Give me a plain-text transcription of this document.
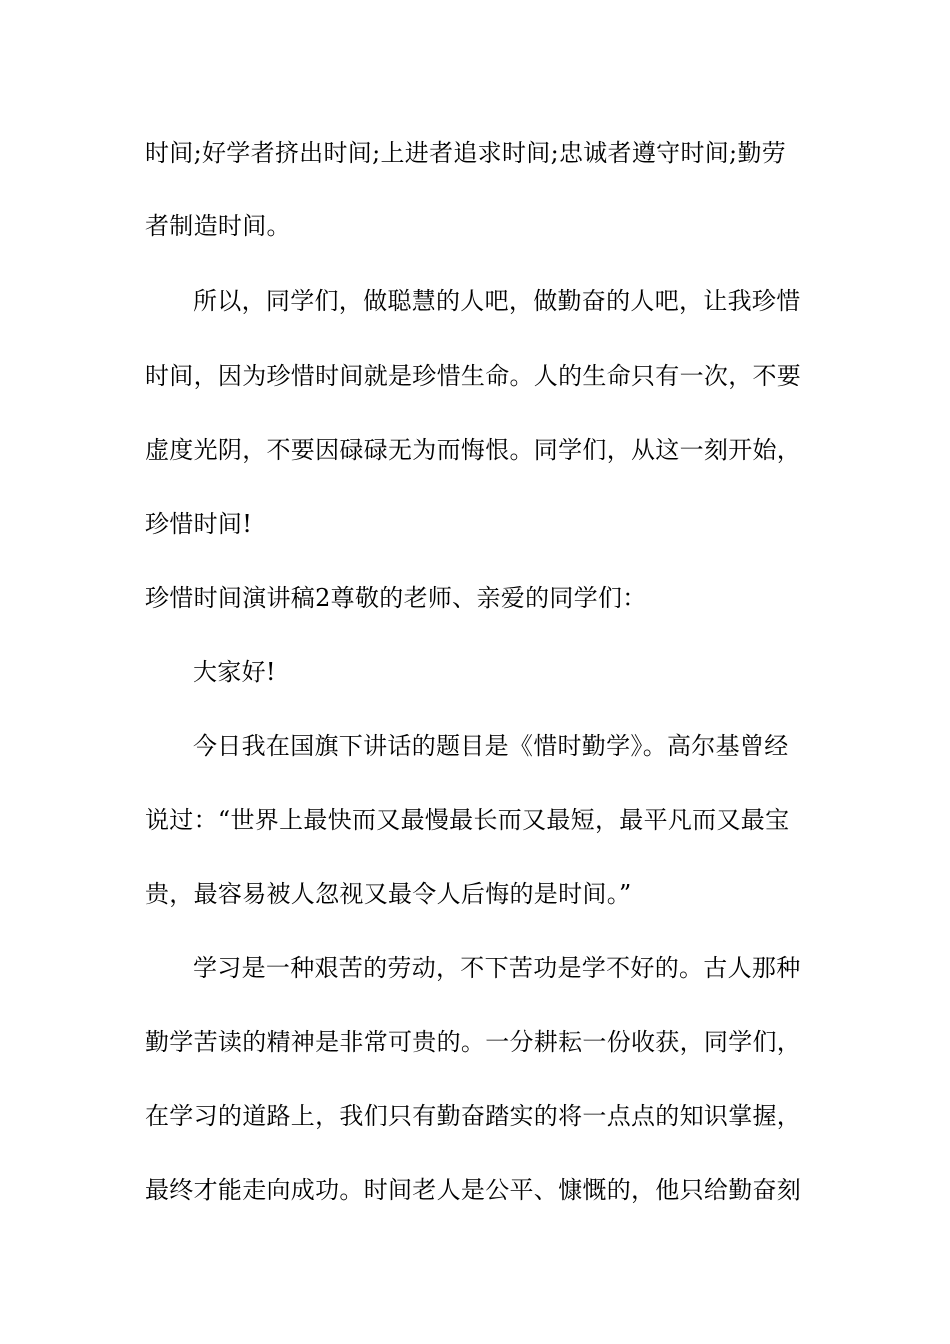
时间;好学者挤出时间;上进者追求时间;忠诚者遵守时间;勤劳
者制造时间。
所以，同学们，做聪慧的人吧，做勤奋的人吧，让我珍惜
时间，因为珍惜时间就是珍惜生命。人的生命只有一次，不要
虚度光阴，不要因碌碌无为而悔恨。同学们，从这一刻开始，
珍惜时间!
珍惜时间演讲稿2尊敬的老师、亲爱的同学们：
大家好!
今日我在国旗下讲话的题目是《惜时勤学》。高尔基曾经
说过：“世界上最快而又最慢最长而又最短，最平凡而又最宝
贵，最容易被人忽视又最令人后悔的是时间。”
学习是一种艰苦的劳动，不下苦功是学不好的。古人那种
勤学苦读的精神是非常可贵的。一分耕耘一份收获，同学们，
在学习的道路上，我们只有勤奋踏实的将一点点的知识掌握，
最终才能走向成功。时间老人是公平、慷慨的，他只给勤奋刻
